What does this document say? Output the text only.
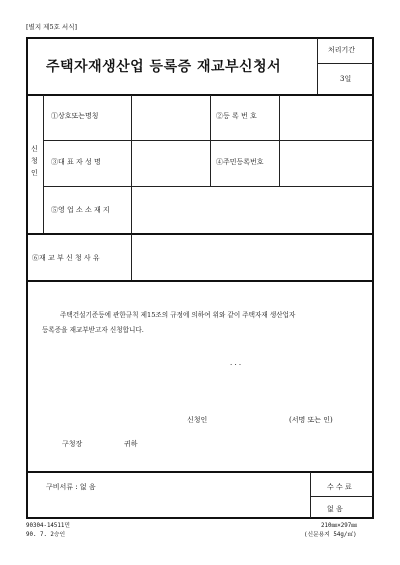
[별지 제5호 서식]
주택자재생산업 등록증 재교부신청서
처리기간
3일
신
청
인
①상호또는명칭	②등 록 번 호
③대 표 자 성 명	④주민등록번호
⑤영 업 소 소 재 지
⑥재 교 부 신 청 사 유
주택건설기준등에 관한규칙 제15조의 규정에 의하여 위와 같이 주택자재 생산업자
등록증을 재교부받고자 신청합니다.
. . .
신청인	(서명 또는 인)
구청장	귀하
구비서류 : 없 음	수 수 료
없 음
90304-14511민
90. 7. 2승인
210㎜×297㎜
(신문용지 54g/㎡)
